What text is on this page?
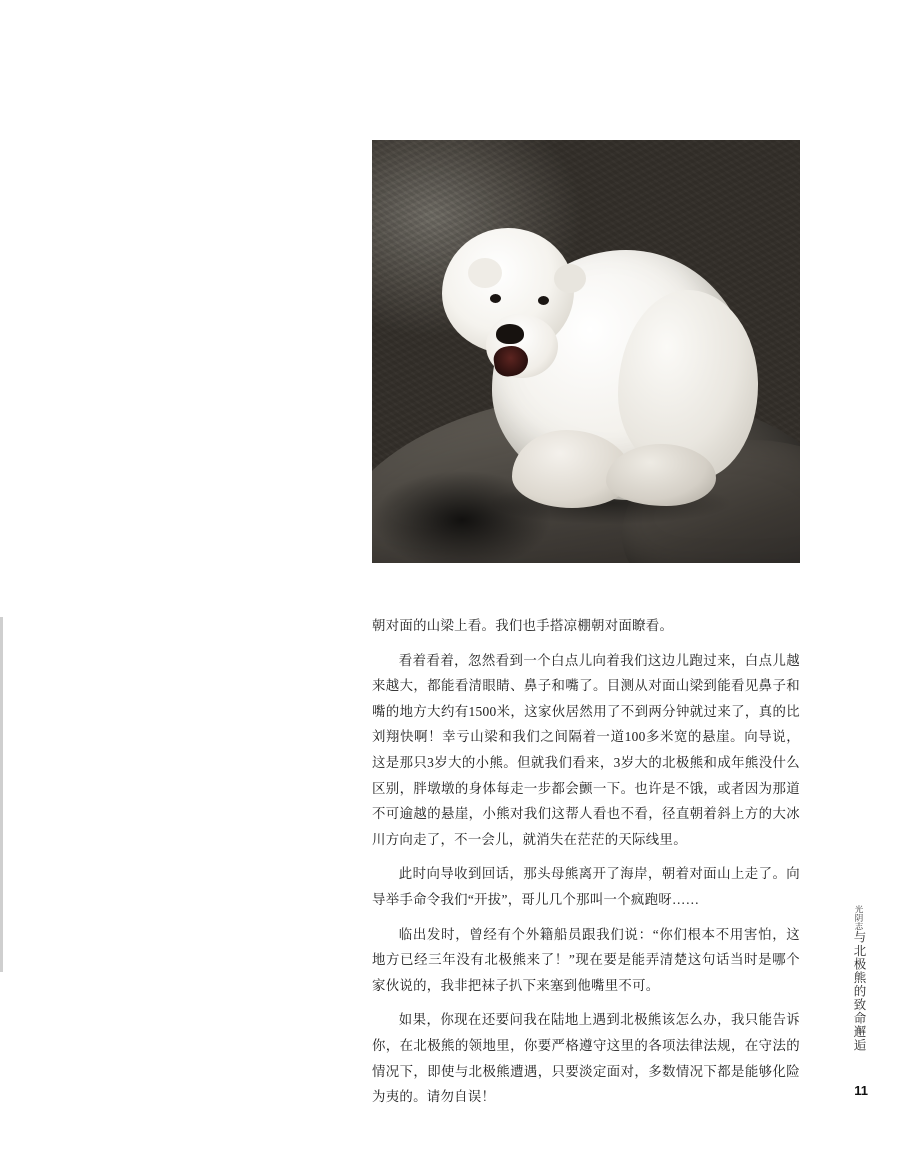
朝对面的山梁上看。我们也手搭凉棚朝对面瞭看。

看着看着，忽然看到一个白点儿向着我们这边儿跑过来，白点儿越来越大，都能看清眼睛、鼻子和嘴了。目测从对面山梁到能看见鼻子和嘴的地方大约有1500米，这家伙居然用了不到两分钟就过来了，真的比刘翔快啊！幸亏山梁和我们之间隔着一道100多米宽的悬崖。向导说，这是那只3岁大的小熊。但就我们看来，3岁大的北极熊和成年熊没什么区别，胖墩墩的身体每走一步都会颤一下。也许是不饿，或者因为那道不可逾越的悬崖，小熊对我们这帮人看也不看，径直朝着斜上方的大冰川方向走了，不一会儿，就消失在茫茫的天际线里。

此时向导收到回话，那头母熊离开了海岸，朝着对面山上走了。向导举手命令我们“开拔”，哥儿几个那叫一个疯跑呀……

临出发时，曾经有个外籍船员跟我们说：“你们根本不用害怕，这地方已经三年没有北极熊来了！”现在要是能弄清楚这句话当时是哪个家伙说的，我非把袜子扒下来塞到他嘴里不可。

如果，你现在还要问我在陆地上遇到北极熊该怎么办，我只能告诉你，在北极熊的领地里，你要严格遵守这里的各项法律法规，在守法的情况下，即使与北极熊遭遇，只要淡定面对，多数情况下都是能够化险为夷的。请勿自误！

光阴志与北极熊的致命邂逅
11
